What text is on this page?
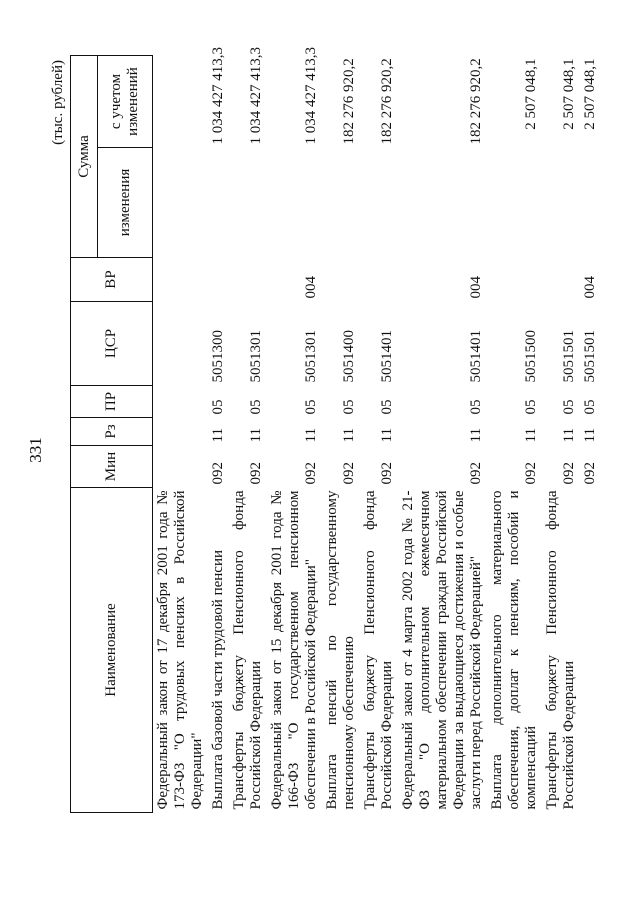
331
(тыс. рублей)
Наименование	Мин	Рз	ПР	ЦСР	ВР	Сумма	
						изменения	с учетом изменений
Федеральный закон от 17 декабря 2001 года № 173-ФЗ "О трудовых пенсиях в Российской Федерации"							
Выплата базовой части трудовой пенсии	092	11	05	5051300			1 034 427 413,3
Трансферты бюджету Пенсионного фонда Российской Федерации	092	11	05	5051301			1 034 427 413,3
Федеральный закон от 15 декабря 2001 года № 166-ФЗ "О государственном пенсионном обеспечении в Российской Федерации"	092	11	05	5051301	004		1 034 427 413,3
Выплата пенсий по государственному пенсионному обеспечению	092	11	05	5051400			182 276 920,2
Трансферты бюджету Пенсионного фонда Российской Федерации	092	11	05	5051401			182 276 920,2
Федеральный закон от 4 марта 2002 года № 21-ФЗ "О дополнительном ежемесячном материальном обеспечении граждан Российской Федерации за выдающиеся достижения и особые заслуги перед Российской Федерацией"	092	11	05	5051401	004		182 276 920,2
Выплата дополнительного материального обеспечения, доплат к пенсиям, пособий и компенсаций	092	11	05	5051500			2 507 048,1
Трансферты бюджету Пенсионного фонда Российской Федерации	092	11	05	5051501			2 507 048,1
	092	11	05	5051501	004		2 507 048,1
